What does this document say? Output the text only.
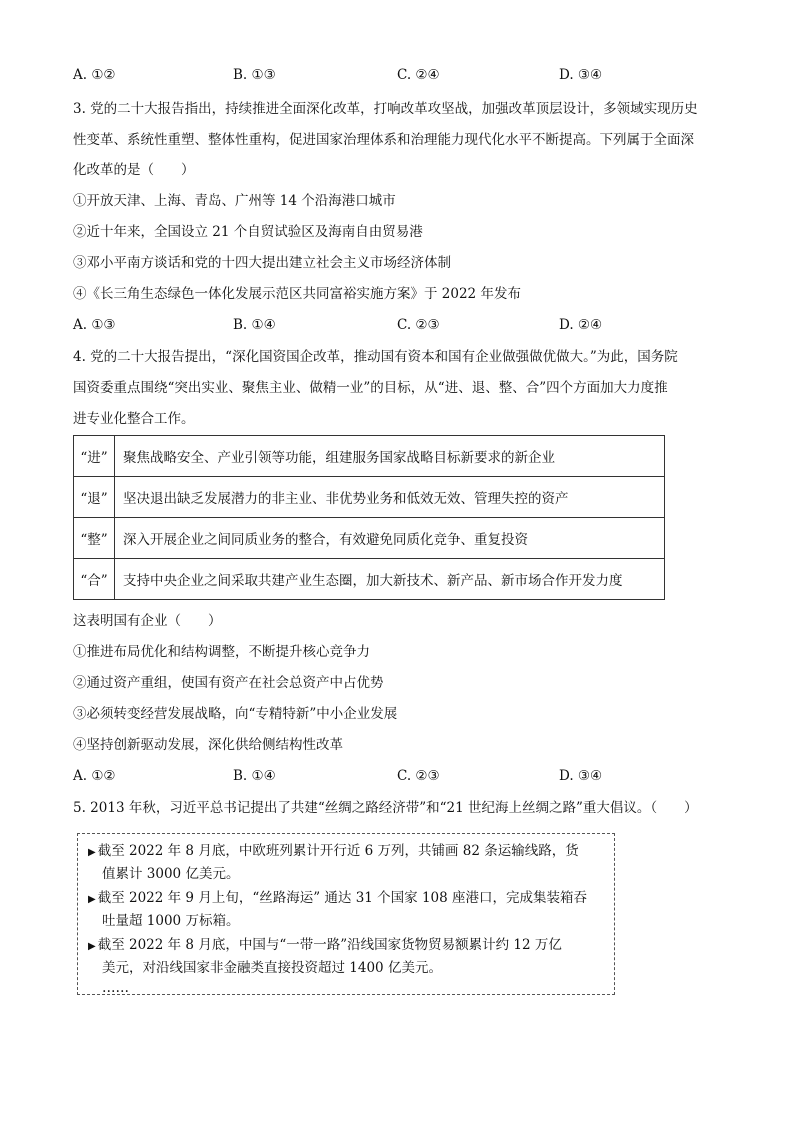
A. ①②	B. ①③	C. ②④	D. ③④
3. 党的二十大报告指出，持续推进全面深化改革，打响改革攻坚战，加强改革顶层设计，多领域实现历史
性变革、系统性重塑、整体性重构，促进国家治理体系和治理能力现代化水平不断提高。下列属于全面深
化改革的是（　　）
①开放天津、上海、青岛、广州等 14 个沿海港口城市
②近十年来，全国设立 21 个自贸试验区及海南自由贸易港
③邓小平南方谈话和党的十四大提出建立社会主义市场经济体制
④《长三角生态绿色一体化发展示范区共同富裕实施方案》于 2022 年发布
A. ①③	B. ①④	C. ②③	D. ②④
4. 党的二十大报告提出，“深化国资国企改革，推动国有资本和国有企业做强做优做大。”为此，国务院
国资委重点围绕“突出实业、聚焦主业、做精一业”的目标，从“进、退、整、合”四个方面加大力度推
进专业化整合工作。
“进”	聚焦战略安全、产业引领等功能，组建服务国家战略目标新要求的新企业
“退”	坚决退出缺乏发展潜力的非主业、非优势业务和低效无效、管理失控的资产
“整”	深入开展企业之间同质业务的整合，有效避免同质化竞争、重复投资
“合”	支持中央企业之间采取共建产业生态圈，加大新技术、新产品、新市场合作开发力度
这表明国有企业（　　）
①推进布局优化和结构调整，不断提升核心竞争力
②通过资产重组，使国有资产在社会总资产中占优势
③必须转变经营发展战略，向“专精特新”中小企业发展
④坚持创新驱动发展，深化供给侧结构性改革
A. ①②	B. ①④	C. ②③	D. ③④
5. 2013 年秋，习近平总书记提出了共建“丝绸之路经济带”和“21 世纪海上丝绸之路”重大倡议。（　　）
▶ 截至 2022 年 8 月底，中欧班列累计开行近 6 万列，共铺画 82 条运输线路，货
值累计 3000 亿美元。
▶ 截至 2022 年 9 月上旬，“丝路海运” 通达 31 个国家 108 座港口，完成集装箱吞
吐量超 1000 万标箱。
▶ 截至 2022 年 8 月底，中国与“一带一路”沿线国家货物贸易额累计约 12 万亿
美元，对沿线国家非金融类直接投资超过 1400 亿美元。
……
